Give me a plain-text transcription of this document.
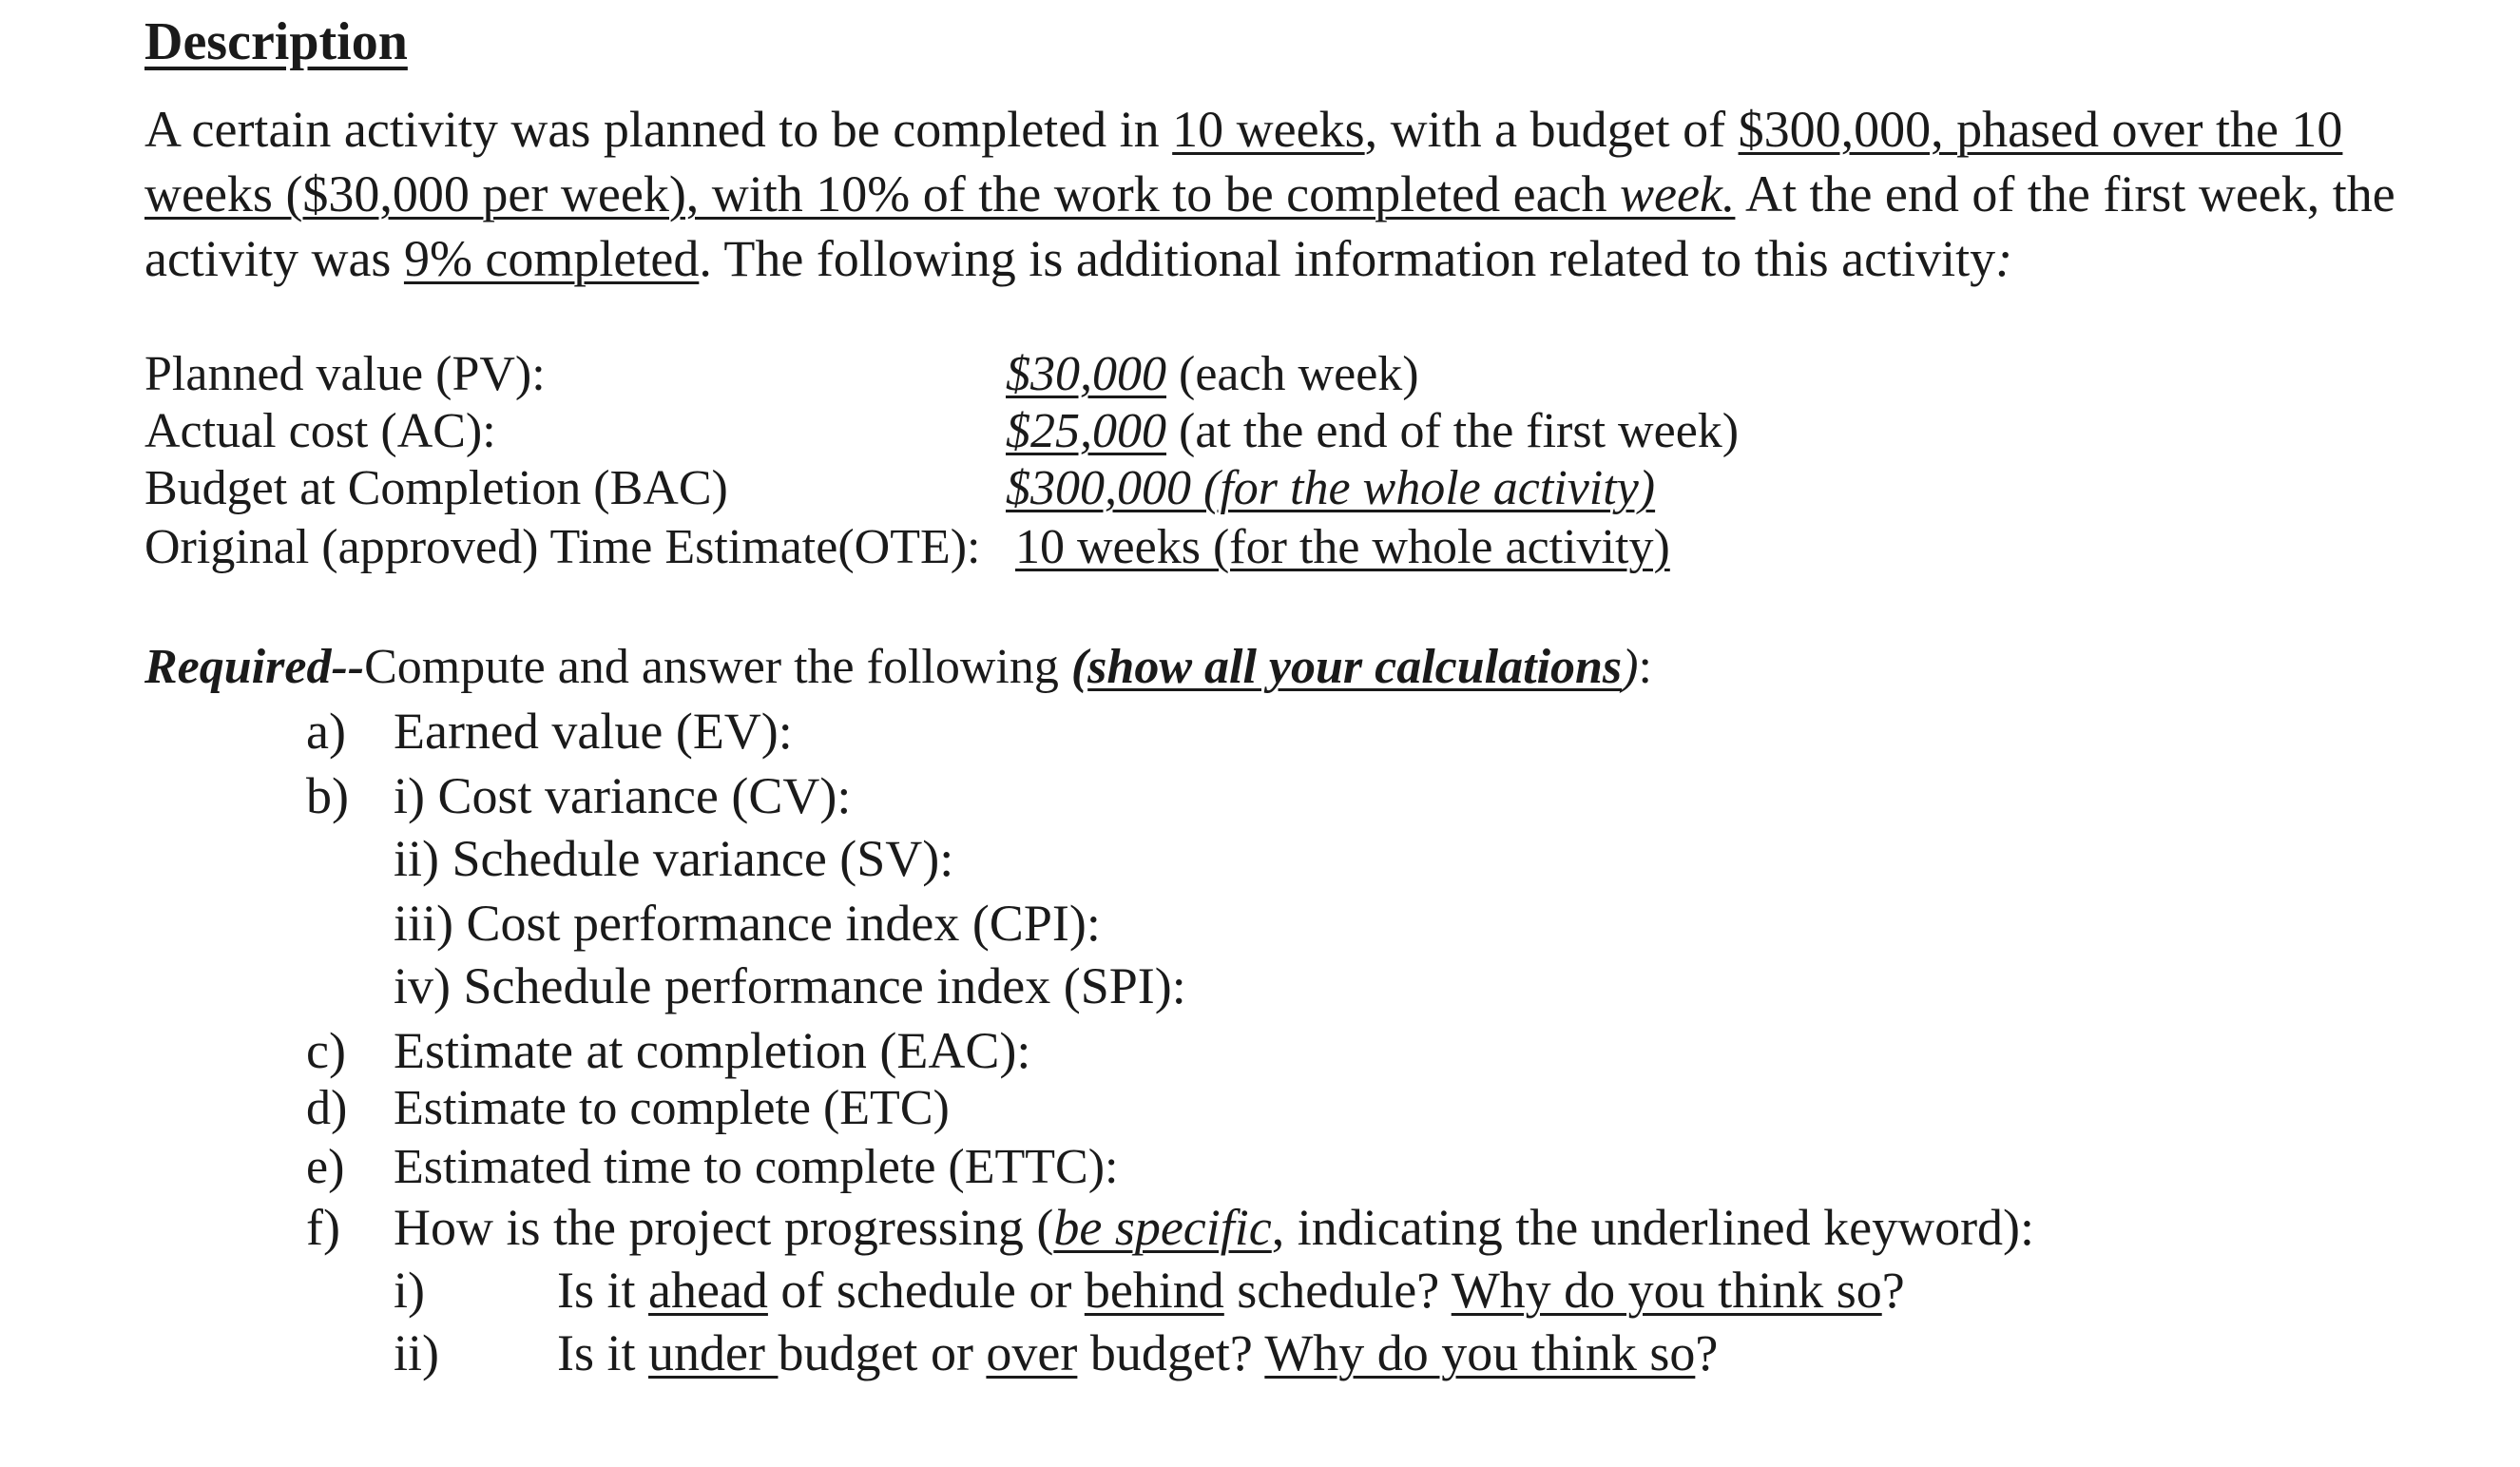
Description
A certain activity was planned to be completed in 10 weeks, with a budget of $300,000, phased over the 10 weeks ($30,000 per week), with 10% of the work to be completed each week. At the end of the first week, the activity was 9% completed. The following is additional information related to this activity:
Planned value (PV):	$30,000 (each week)
Actual cost (AC):	$25,000 (at the end of the first week)
Budget at Completion (BAC)	$300,000 (for the whole activity)
Original (approved) Time Estimate(OTE): 10 weeks (for the whole activity)
Required--Compute and answer the following (show all your calculations):
a) Earned value (EV):
b) i) Cost variance (CV):
ii) Schedule variance (SV):
iii) Cost performance index (CPI):
iv) Schedule performance index (SPI):
c) Estimate at completion (EAC):
d) Estimate to complete (ETC)
e) Estimated time to complete (ETTC):
f) How is the project progressing (be specific, indicating the underlined keyword):
i)	Is it ahead of schedule or behind schedule? Why do you think so?
ii) Is it under budget or over budget? Why do you think so?
